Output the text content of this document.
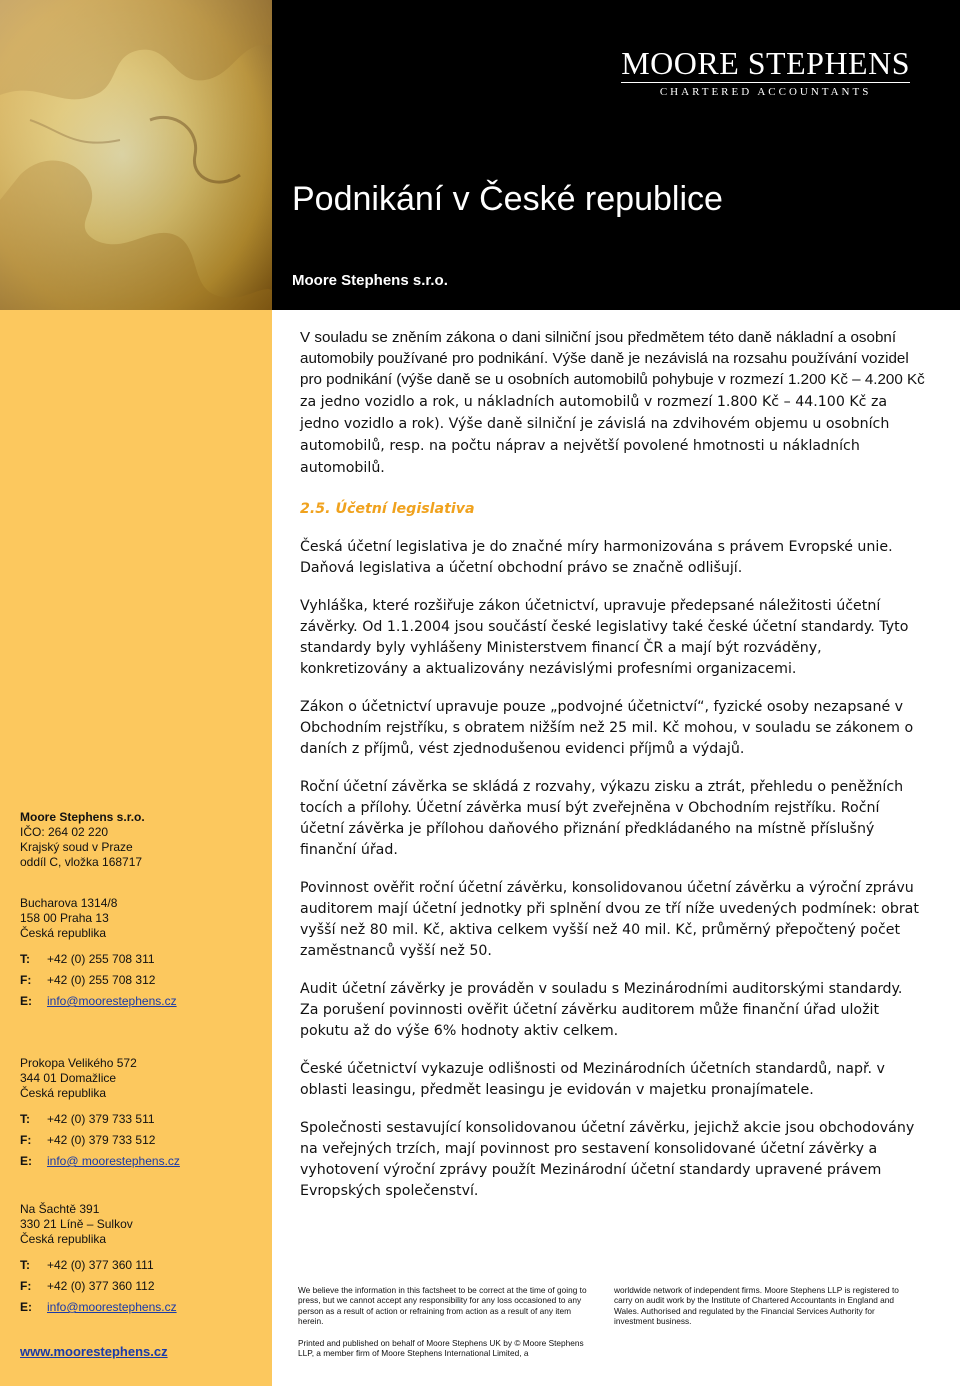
MOORE STEPHENS
CHARTERED ACCOUNTANTS
Podnikání v České republice
Moore Stephens s.r.o.
Moore Stephens s.r.o.
IČO: 264 02 220
Krajský soud v Praze
oddíl C, vložka 168717
Bucharova 1314/8
158 00 Praha 13
Česká republika
T:	+42 (0) 255 708 311
F:	+42 (0) 255 708 312
E:	info@moorestephens.cz
Prokopa Velikého 572
344 01 Domažlice
Česká republika
T:	+42 (0) 379 733 511
F:	+42 (0) 379 733 512
E:	info@ moorestephens.cz
Na Šachtě 391
330 21 Líně – Sulkov
Česká republika
T:	+42 (0) 377 360 111
F:	+42 (0) 377 360 112
E:	info@moorestephens.cz
www.moorestephens.cz

V souladu se zněním zákona o dani silniční jsou předmětem této daně nákladní a osobní automobily používané pro podnikání. Výše daně je nezávislá na rozsahu používání vozidel pro podnikání (výše daně se u osobních automobilů pohybuje v rozmezí 1.200 Kč – 4.200 Kč za jedno vozidlo a rok, u nákladních automobilů v rozmezí 1.800 Kč – 44.100 Kč za jedno vozidlo a rok). Výše daně silniční je závislá na zdvihovém objemu u osobních automobilů, resp. na počtu náprav a největší povolené hmotnosti u nákladních automobilů.

2.5. Účetní legislativa

Česká účetní legislativa je do značné míry harmonizována s právem Evropské unie. Daňová legislativa a účetní obchodní právo se značně odlišují.

Vyhláška, které rozšiřuje zákon účetnictví, upravuje předepsané náležitosti účetní závěrky. Od 1.1.2004 jsou součástí české legislativy také české účetní standardy. Tyto standardy byly vyhlášeny Ministerstvem financí ČR a mají být rozváděny, konkretizovány a aktualizovány nezávislými profesními organizacemi.

Zákon o účetnictví upravuje pouze „podvojné účetnictví“, fyzické osoby nezapsané v Obchodním rejstříku, s obratem nižším než 25 mil. Kč mohou, v souladu se zákonem o daních z příjmů, vést zjednodušenou evidenci příjmů a výdajů.

Roční účetní závěrka se skládá z rozvahy, výkazu zisku a ztrát, přehledu o peněžních tocích a přílohy. Účetní závěrka musí být zveřejněna v Obchodním rejstříku. Roční účetní závěrka je přílohou daňového přiznání předkládaného na místně příslušný finanční úřad.

Povinnost ověřit roční účetní závěrku, konsolidovanou účetní závěrku a výroční zprávu auditorem mají účetní jednotky při splnění dvou ze tří níže uvedených podmínek: obrat vyšší než 80 mil. Kč, aktiva celkem vyšší než 40 mil. Kč, průměrný přepočtený počet zaměstnanců vyšší než 50.

Audit účetní závěrky je prováděn v souladu s Mezinárodními auditorskými standardy. Za porušení povinnosti ověřit účetní závěrku auditorem může finanční úřad uložit pokutu až do výše 6% hodnoty aktiv celkem.

České účetnictví vykazuje odlišnosti od Mezinárodních účetních standardů, např. v oblasti leasingu, předmět leasingu je evidován v majetku pronajímatele.

Společnosti sestavující konsolidovanou účetní závěrku, jejichž akcie jsou obchodovány na veřejných trzích, mají povinnost pro sestavení konsolidované účetní závěrky a vyhotovení výroční zprávy použít Mezinárodní účetní standardy upravené právem Evropských společenství.

We believe the information in this factsheet to be correct at the time of going to press, but we cannot accept any responsibility for any loss occasioned to any person as a result of action or refraining from action as a result of any item herein.
Printed and published on behalf of Moore Stephens UK by © Moore Stephens LLP, a member firm of Moore Stephens International Limited, a
worldwide network of independent firms. Moore Stephens LLP is registered to carry on audit work by the Institute of Chartered Accountants in England and Wales. Authorised and regulated by the Financial Services Authority for investment business.
